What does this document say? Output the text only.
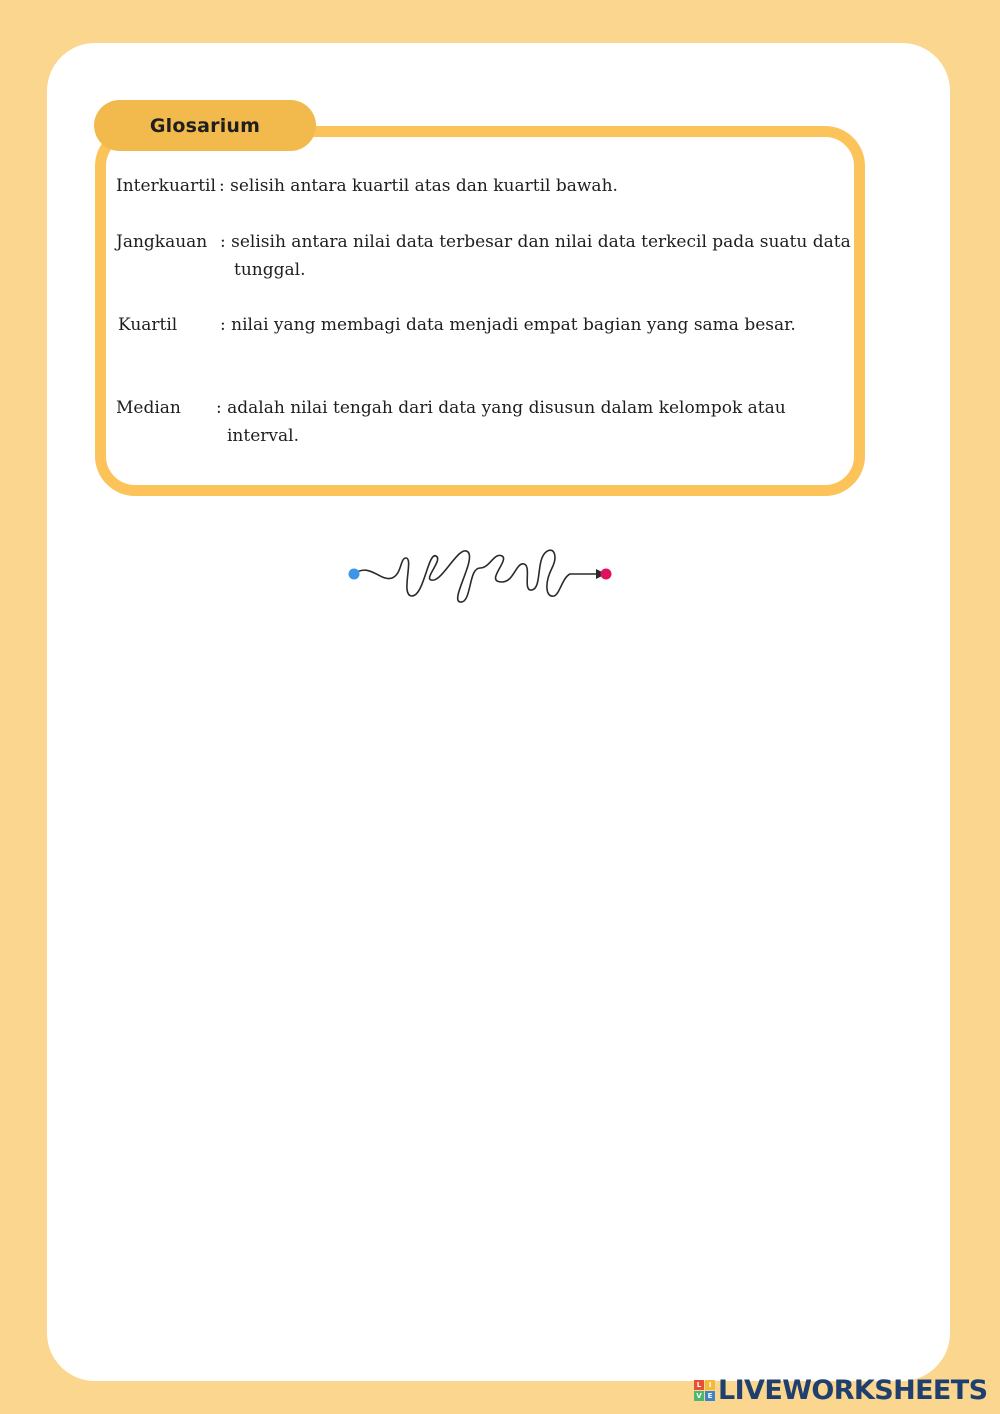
Glosarium
Interkuartil : selisih antara kuartil atas dan kuartil bawah.
Jangkauan : selisih antara nilai data terbesar dan nilai data terkecil pada suatu data
tunggal.
Kuartil	: nilai yang membagi data menjadi empat bagian yang sama besar.
Median : adalah nilai tengah dari data yang disusun dalam kelompok atau
interval.
L	I
V E LIVEWORKSHEETS
